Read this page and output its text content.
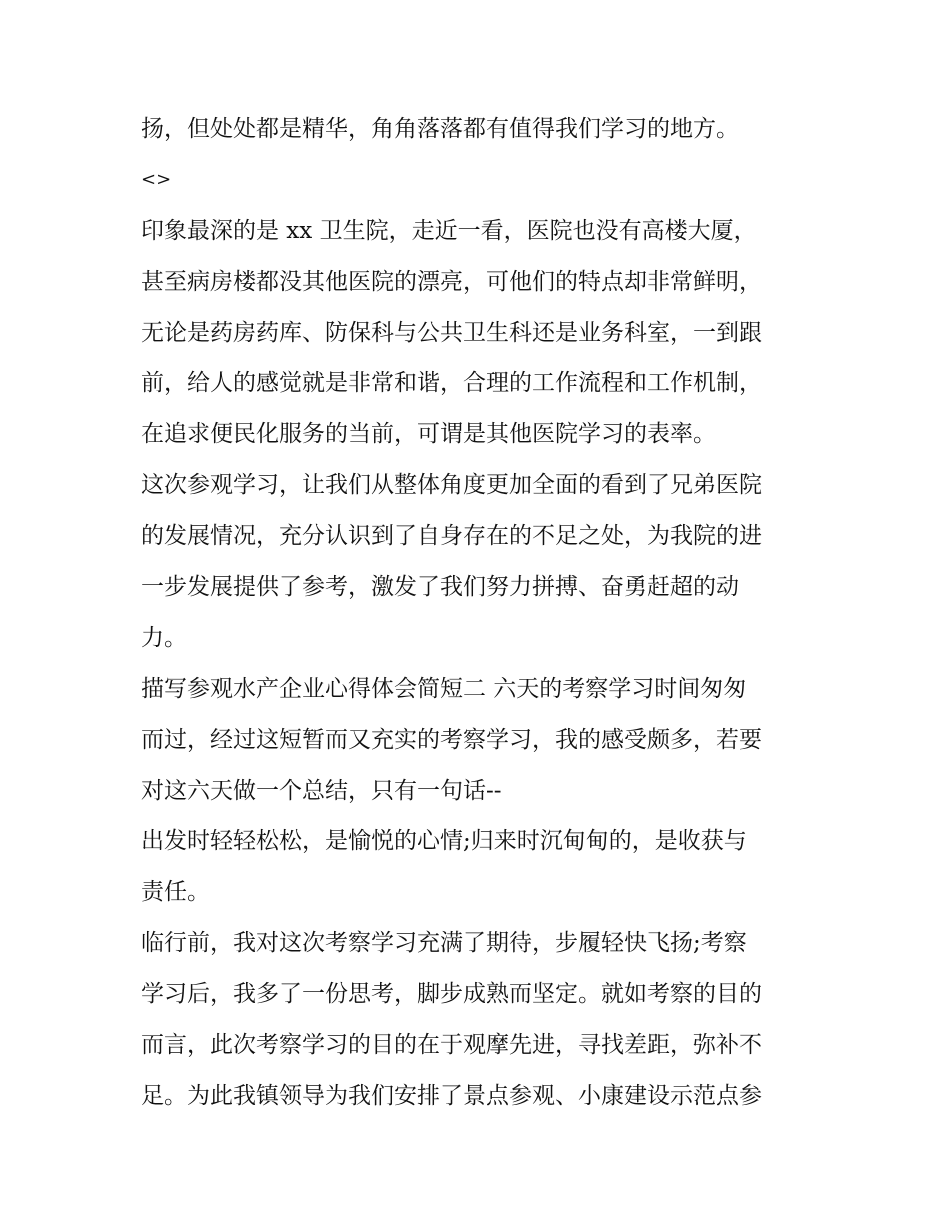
扬，但处处都是精华，角角落落都有值得我们学习的地方。
<>
印象最深的是 xx 卫生院，走近一看，医院也没有高楼大厦，
甚至病房楼都没其他医院的漂亮，可他们的特点却非常鲜明，
无论是药房药库、防保科与公共卫生科还是业务科室，一到跟
前，给人的感觉就是非常和谐，合理的工作流程和工作机制，
在追求便民化服务的当前，可谓是其他医院学习的表率。
这次参观学习，让我们从整体角度更加全面的看到了兄弟医院
的发展情况，充分认识到了自身存在的不足之处，为我院的进
一步发展提供了参考，激发了我们努力拼搏、奋勇赶超的动
力。
描写参观水产企业心得体会简短二 六天的考察学习时间匆匆
而过，经过这短暂而又充实的考察学习，我的感受颇多，若要
对这六天做一个总结，只有一句话--
出发时轻轻松松，是愉悦的心情;归来时沉甸甸的，是收获与
责任。
临行前，我对这次考察学习充满了期待，步履轻快飞扬;考察
学习后，我多了一份思考，脚步成熟而坚定。就如考察的目的
而言，此次考察学习的目的在于观摩先进，寻找差距，弥补不
足。为此我镇领导为我们安排了景点参观、小康建设示范点参
